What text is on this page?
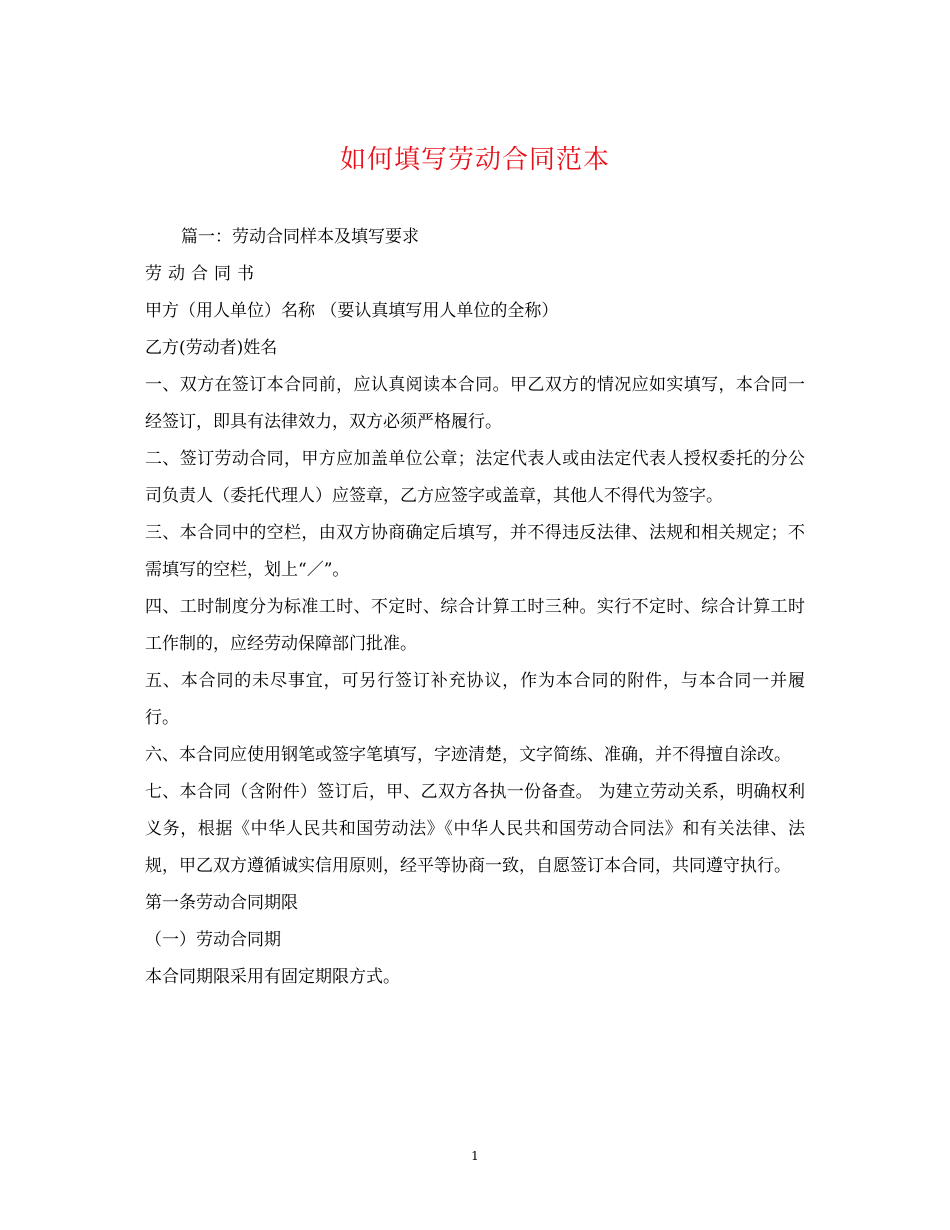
如何填写劳动合同范本

篇一：劳动合同样本及填写要求

劳动合同书

甲方（用人单位）名称 （要认真填写用人单位的全称）

乙方(劳动者)姓名

一、双方在签订本合同前，应认真阅读本合同。甲乙双方的情况应如实填写，本合同一经签订，即具有法律效力，双方必须严格履行。

二、签订劳动合同，甲方应加盖单位公章；法定代表人或由法定代表人授权委托的分公司负责人（委托代理人）应签章，乙方应签字或盖章，其他人不得代为签字。

三、本合同中的空栏，由双方协商确定后填写，并不得违反法律、法规和相关规定；不需填写的空栏，划上“／”。

四、工时制度分为标准工时、不定时、综合计算工时三种。实行不定时、综合计算工时工作制的，应经劳动保障部门批准。

五、本合同的未尽事宜，可另行签订补充协议，作为本合同的附件，与本合同一并履行。

六、本合同应使用钢笔或签字笔填写，字迹清楚，文字简练、准确，并不得擅自涂改。

七、本合同（含附件）签订后，甲、乙双方各执一份备查。 为建立劳动关系，明确权利义务，根据《中华人民共和国劳动法》《中华人民共和国劳动合同法》和有关法律、法规，甲乙双方遵循诚实信用原则，经平等协商一致，自愿签订本合同，共同遵守执行。

第一条劳动合同期限

（一）劳动合同期

本合同期限采用有固定期限方式。

1
